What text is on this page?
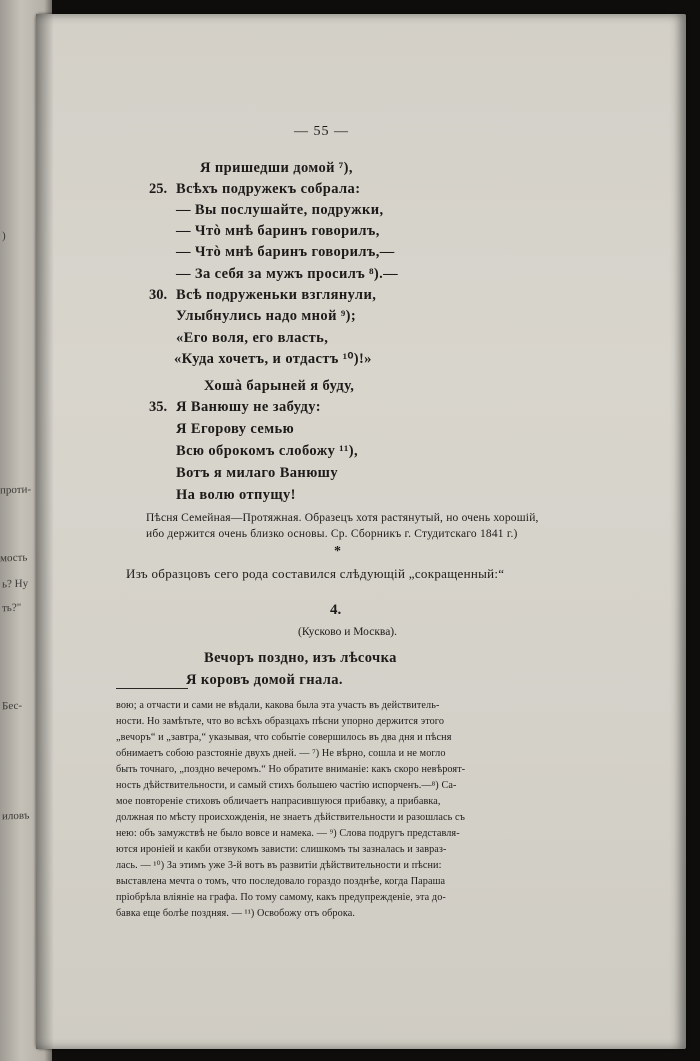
)
проти-
мость
ь? Ну
ть?"
Бес-
иловъ
— 55 —
Я пришедши домой ⁷),
25. Всѣхъ подружекъ собрала:
— Вы послушайте, подружки,
— Чтò мнѣ баринъ говорилъ,
— Чтò мнѣ баринъ говорилъ,—
— За себя за мужъ просилъ ⁸).—
30. Всѣ подруженьки взглянули,
Улыбнулись надо мной ⁹);
«Его воля, его власть,
«Куда хочетъ, и отдастъ ¹⁰)!»
Хошà барыней я буду,
35. Я Ванюшу не забуду:
Я Егорову семью
Всю оброкомъ слобожу ¹¹),
Вотъ я милаго Ванюшу
На волю отпущу!
Пѣсня Семейная—Протяжная. Образецъ хотя растянутый, но очень хорошій,
ибо держится очень близко основы. Ср. Сборникъ г. Студитскаго 1841 г.)
*
Изъ образцовъ сего рода составился слѣдующій „сокращенный:“
4.
(Кусково и Москва).
Вечоръ поздно, изъ лѣсочка
Я коровъ домой гнала.
вою; а отчасти и сами не вѣдали, какова была эта участь въ действитель-
ности. Но замѣтьте, что во всѣхъ образцахъ пѣсни упорно держится этого
„вечоръ“ и „завтра,“ указывая, что событіе совершилось въ два дня и пѣсня
обнимаетъ собою разстояніе двухъ дней. — ⁷) Не вѣрно, сошла и не могло
быть точнаго, „поздно вечеромъ.“ Но обратите вниманіе: какъ скоро невѣроят-
ность дѣйствительности, и самый стихъ большею частію испорченъ.—⁸) Са-
мое повтореніе стиховъ обличаетъ напрасившуюся прибавку, а прибавка,
должная по мѣсту происхожденія, не знаетъ дѣйствительности и разошлась съ
нею: объ замужствѣ не было вовсе и намека. — ⁹) Слова подругъ представля-
ются ироніей и какби отзвукомъ зависти: слишкомъ ты зазналась и завраз-
лась. — ¹⁰) За этимъ уже 3-й вотъ въ развитіи дѣйствительности и пѣсни:
выставлена мечта о томъ, что последовало гораздо позднѣе, когда Параша
пріобрѣла вліяніе на графа. По тому самому, какъ предупрежденіе, эта до-
бавка еще болѣе поздняя. — ¹¹) Освобожу отъ оброка.
